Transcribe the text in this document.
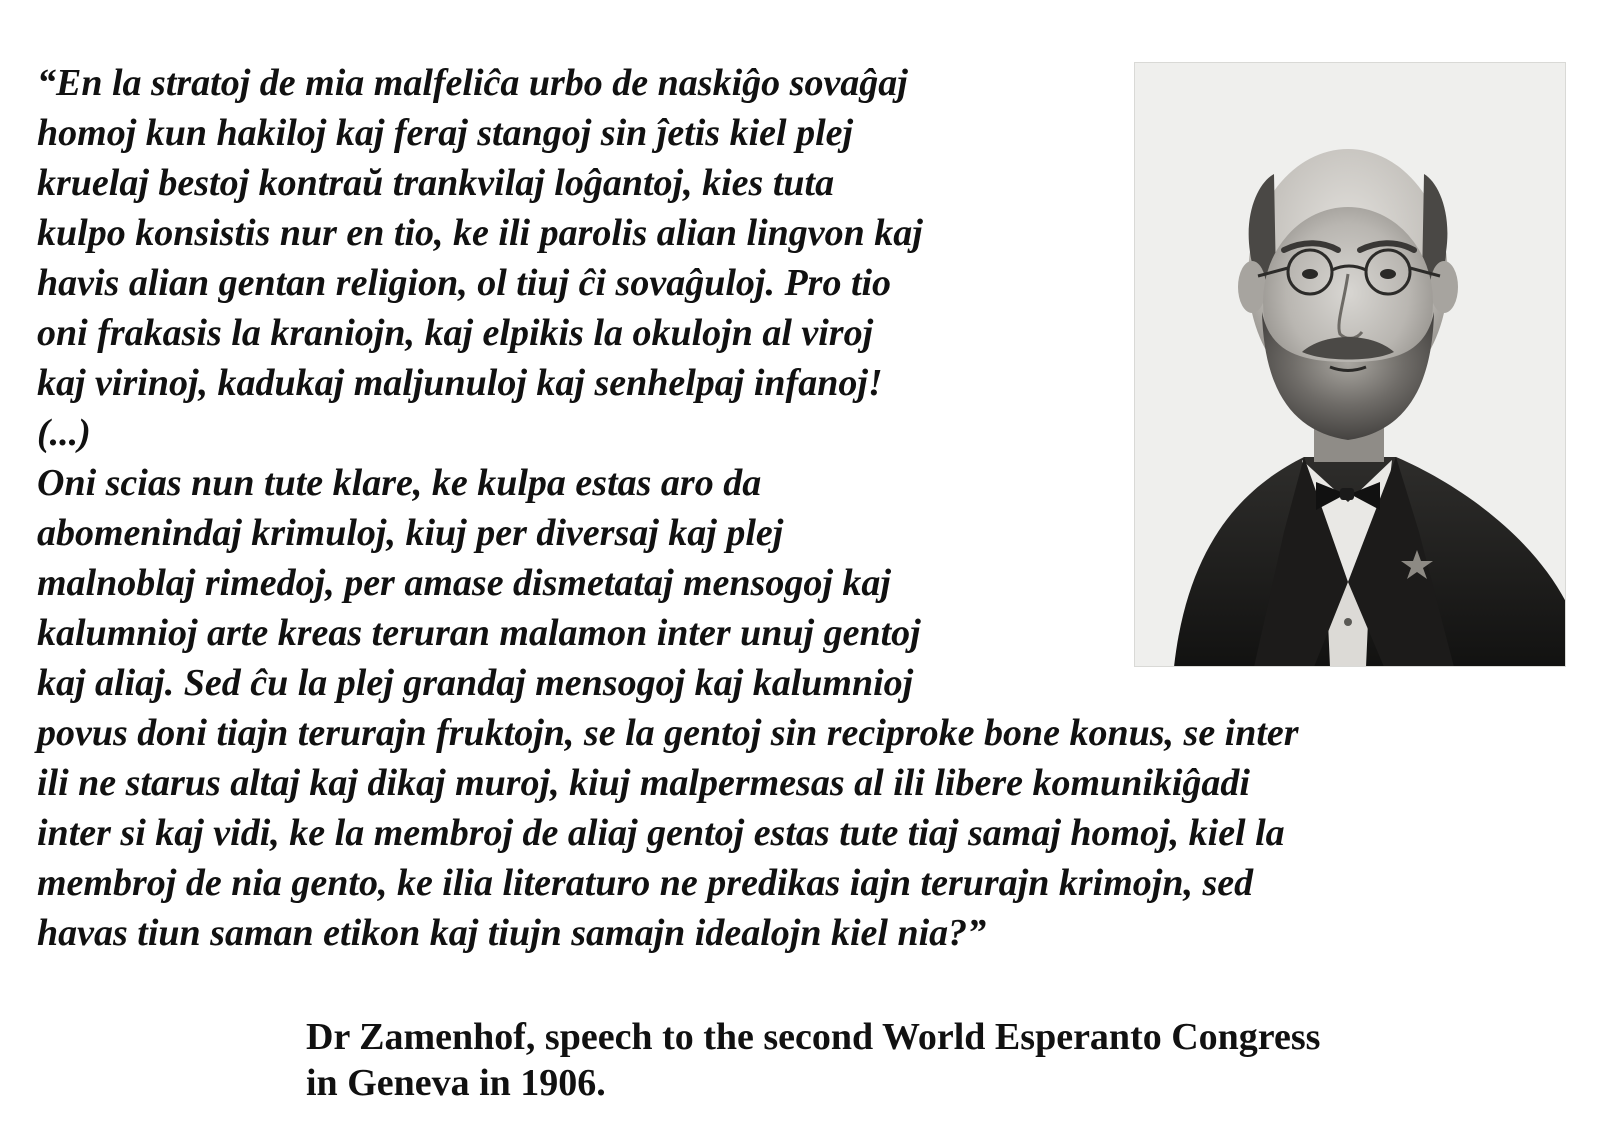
“En la stratoj de mia malfeliĉa urbo de naskiĝo sovaĝaj
homoj kun hakiloj kaj feraj stangoj sin ĵetis kiel plej
kruelaj bestoj kontraŭ trankvilaj loĝantoj, kies tuta
kulpo konsistis nur en tio, ke ili parolis alian lingvon kaj
havis alian gentan religion, ol tiuj ĉi sovaĝuloj. Pro tio
oni frakasis la kraniojn, kaj elpikis la okulojn al viroj
kaj virinoj, kadukaj maljunuloj kaj senhelpaj infanoj!
(...)
Oni scias nun tute klare, ke kulpa estas aro da
abomenindaj krimuloj, kiuj per diversaj kaj plej
malnoblaj rimedoj, per amase dismetataj mensogoj kaj
kalumnioj arte kreas teruran malamon inter unuj gentoj
kaj aliaj. Sed ĉu la plej grandaj mensogoj kaj kalumnioj
povus doni tiajn terurajn fruktojn, se la gentoj sin reciproke bone konus, se inter
ili ne starus altaj kaj dikaj muroj, kiuj malpermesas al ili libere komunikiĝadi
inter si kaj vidi, ke la membroj de aliaj gentoj estas tute tiaj samaj homoj, kiel la
membroj de nia gento, ke ilia literaturo ne predikas iajn terurajn krimojn, sed
havas tiun saman etikon kaj tiujn samajn idealojn kiel nia?”
Dr Zamenhof, speech to the second World Esperanto Congress
in Geneva in 1906.
